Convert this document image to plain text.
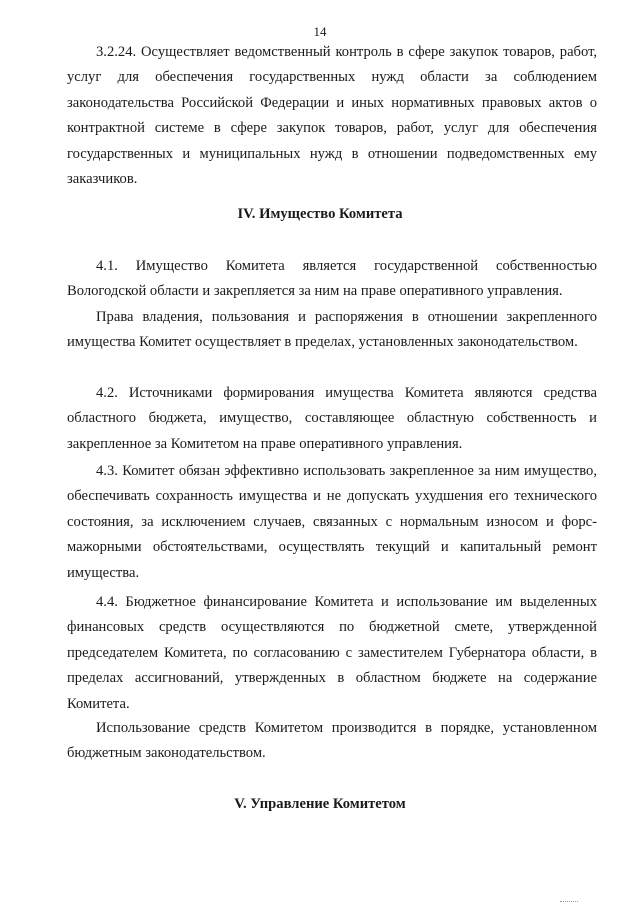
14

3.2.24. Осуществляет ведомственный контроль в сфере закупок товаров, работ, услуг для обеспечения государственных нужд области за соблюдением законодательства Российской Федерации и иных нормативных правовых актов о контрактной системе в сфере закупок товаров, работ, услуг для обеспечения государственных и муниципальных нужд в отношении подведомственных ему заказчиков.

IV. Имущество Комитета

4.1. Имущество Комитета является государственной собственностью Вологодской области и закрепляется за ним на праве оперативного управления.

Права владения, пользования и распоряжения в отношении закрепленного имущества Комитет осуществляет в пределах, установленных законодательством.

4.2. Источниками формирования имущества Комитета являются средства областного бюджета, имущество, составляющее областную собственность и закрепленное за Комитетом на праве оперативного управления.

4.3. Комитет обязан эффективно использовать закрепленное за ним имущество, обеспечивать сохранность имущества и не допускать ухудшения его технического состояния, за исключением случаев, связанных с нормальным износом и форс-мажорными обстоятельствами, осуществлять текущий и капитальный ремонт имущества.

4.4. Бюджетное финансирование Комитета и использование им выделенных финансовых средств осуществляются по бюджетной смете, утвержденной председателем Комитета, по согласованию с заместителем Губернатора области, в пределах ассигнований, утвержденных в областном бюджете на содержание Комитета.

Использование средств Комитетом производится в порядке, установленном бюджетным законодательством.

V. Управление Комитетом
